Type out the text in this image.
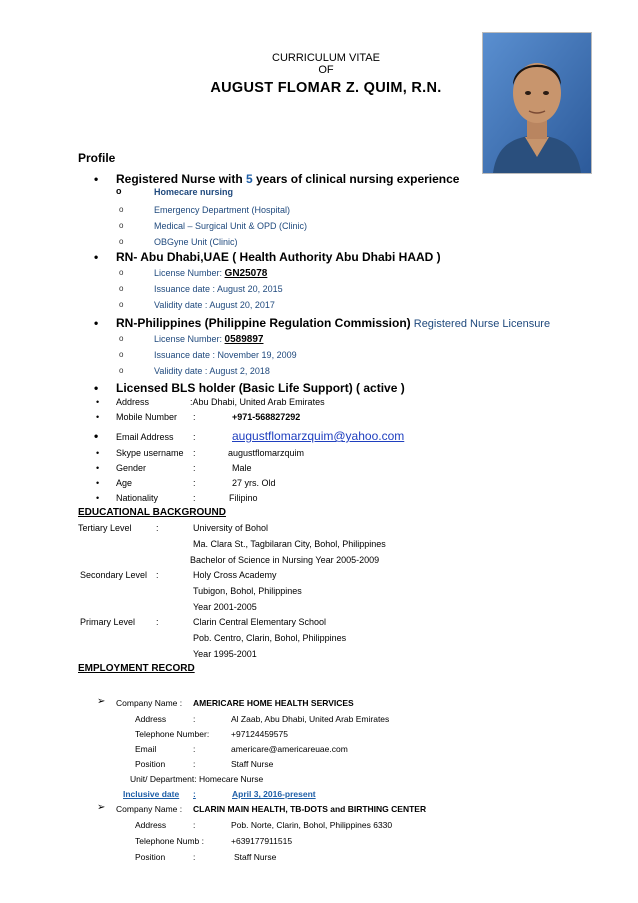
CURRICULUM VITAE
OF
AUGUST FLOMAR Z. QUIM, R.N.
Profile
• Registered Nurse with 5 years of clinical nursing experience
o	Homecare nursing
o	Emergency Department (Hospital)
o	Medical – Surgical Unit & OPD (Clinic)
o	OBGyne Unit (Clinic)
• RN- Abu Dhabi,UAE ( Health Authority Abu Dhabi HAAD )
o	License Number: GN25078
o	Issuance date : August 20, 2015
o	Validity date : August 20, 2017
• RN-Philippines (Philippine Regulation Commission) Registered Nurse Licensure
o	License Number: 0589897
o	Issuance date : November 19, 2009
o	Validity date : August 2, 2018
• Licensed BLS holder (Basic Life Support) ( active )
• Address	:Abu Dhabi, United Arab Emirates
• Mobile Number :	+971-568827292
• Email Address :	augustflomarzquim@yahoo.com
• Skype username :	augustflomarzquim
• Gender	:	Male
• Age	:	27 yrs. Old
• Nationality	:	Filipino
EDUCATIONAL BACKGROUND
Tertiary Level	:	University of Bohol
Ma. Clara St., Tagbilaran City, Bohol, Philippines
Bachelor of Science in Nursing Year 2005-2009
Secondary Level :	Holy Cross Academy
Tubigon, Bohol, Philippines
Year 2001-2005
Primary Level :	Clarin Central Elementary School
Pob. Centro, Clarin, Bohol, Philippines
Year 1995-2001
EMPLOYMENT RECORD
➢ Company Name : AMERICARE HOME HEALTH SERVICES
Address	:	Al Zaab, Abu Dhabi, United Arab Emirates
Telephone Number:	+97124459575
Email	:	americare@americareuae.com
Position	:	Staff Nurse
Unit/ Department: Homecare Nurse
Inclusive date :	April 3, 2016-present
➢ Company Name : CLARIN MAIN HEALTH, TB-DOTS and BIRTHING CENTER
Address	:	Pob. Norte, Clarin, Bohol, Philippines 6330
Telephone Numb :	+639177911515
Position	:	Staff Nurse
